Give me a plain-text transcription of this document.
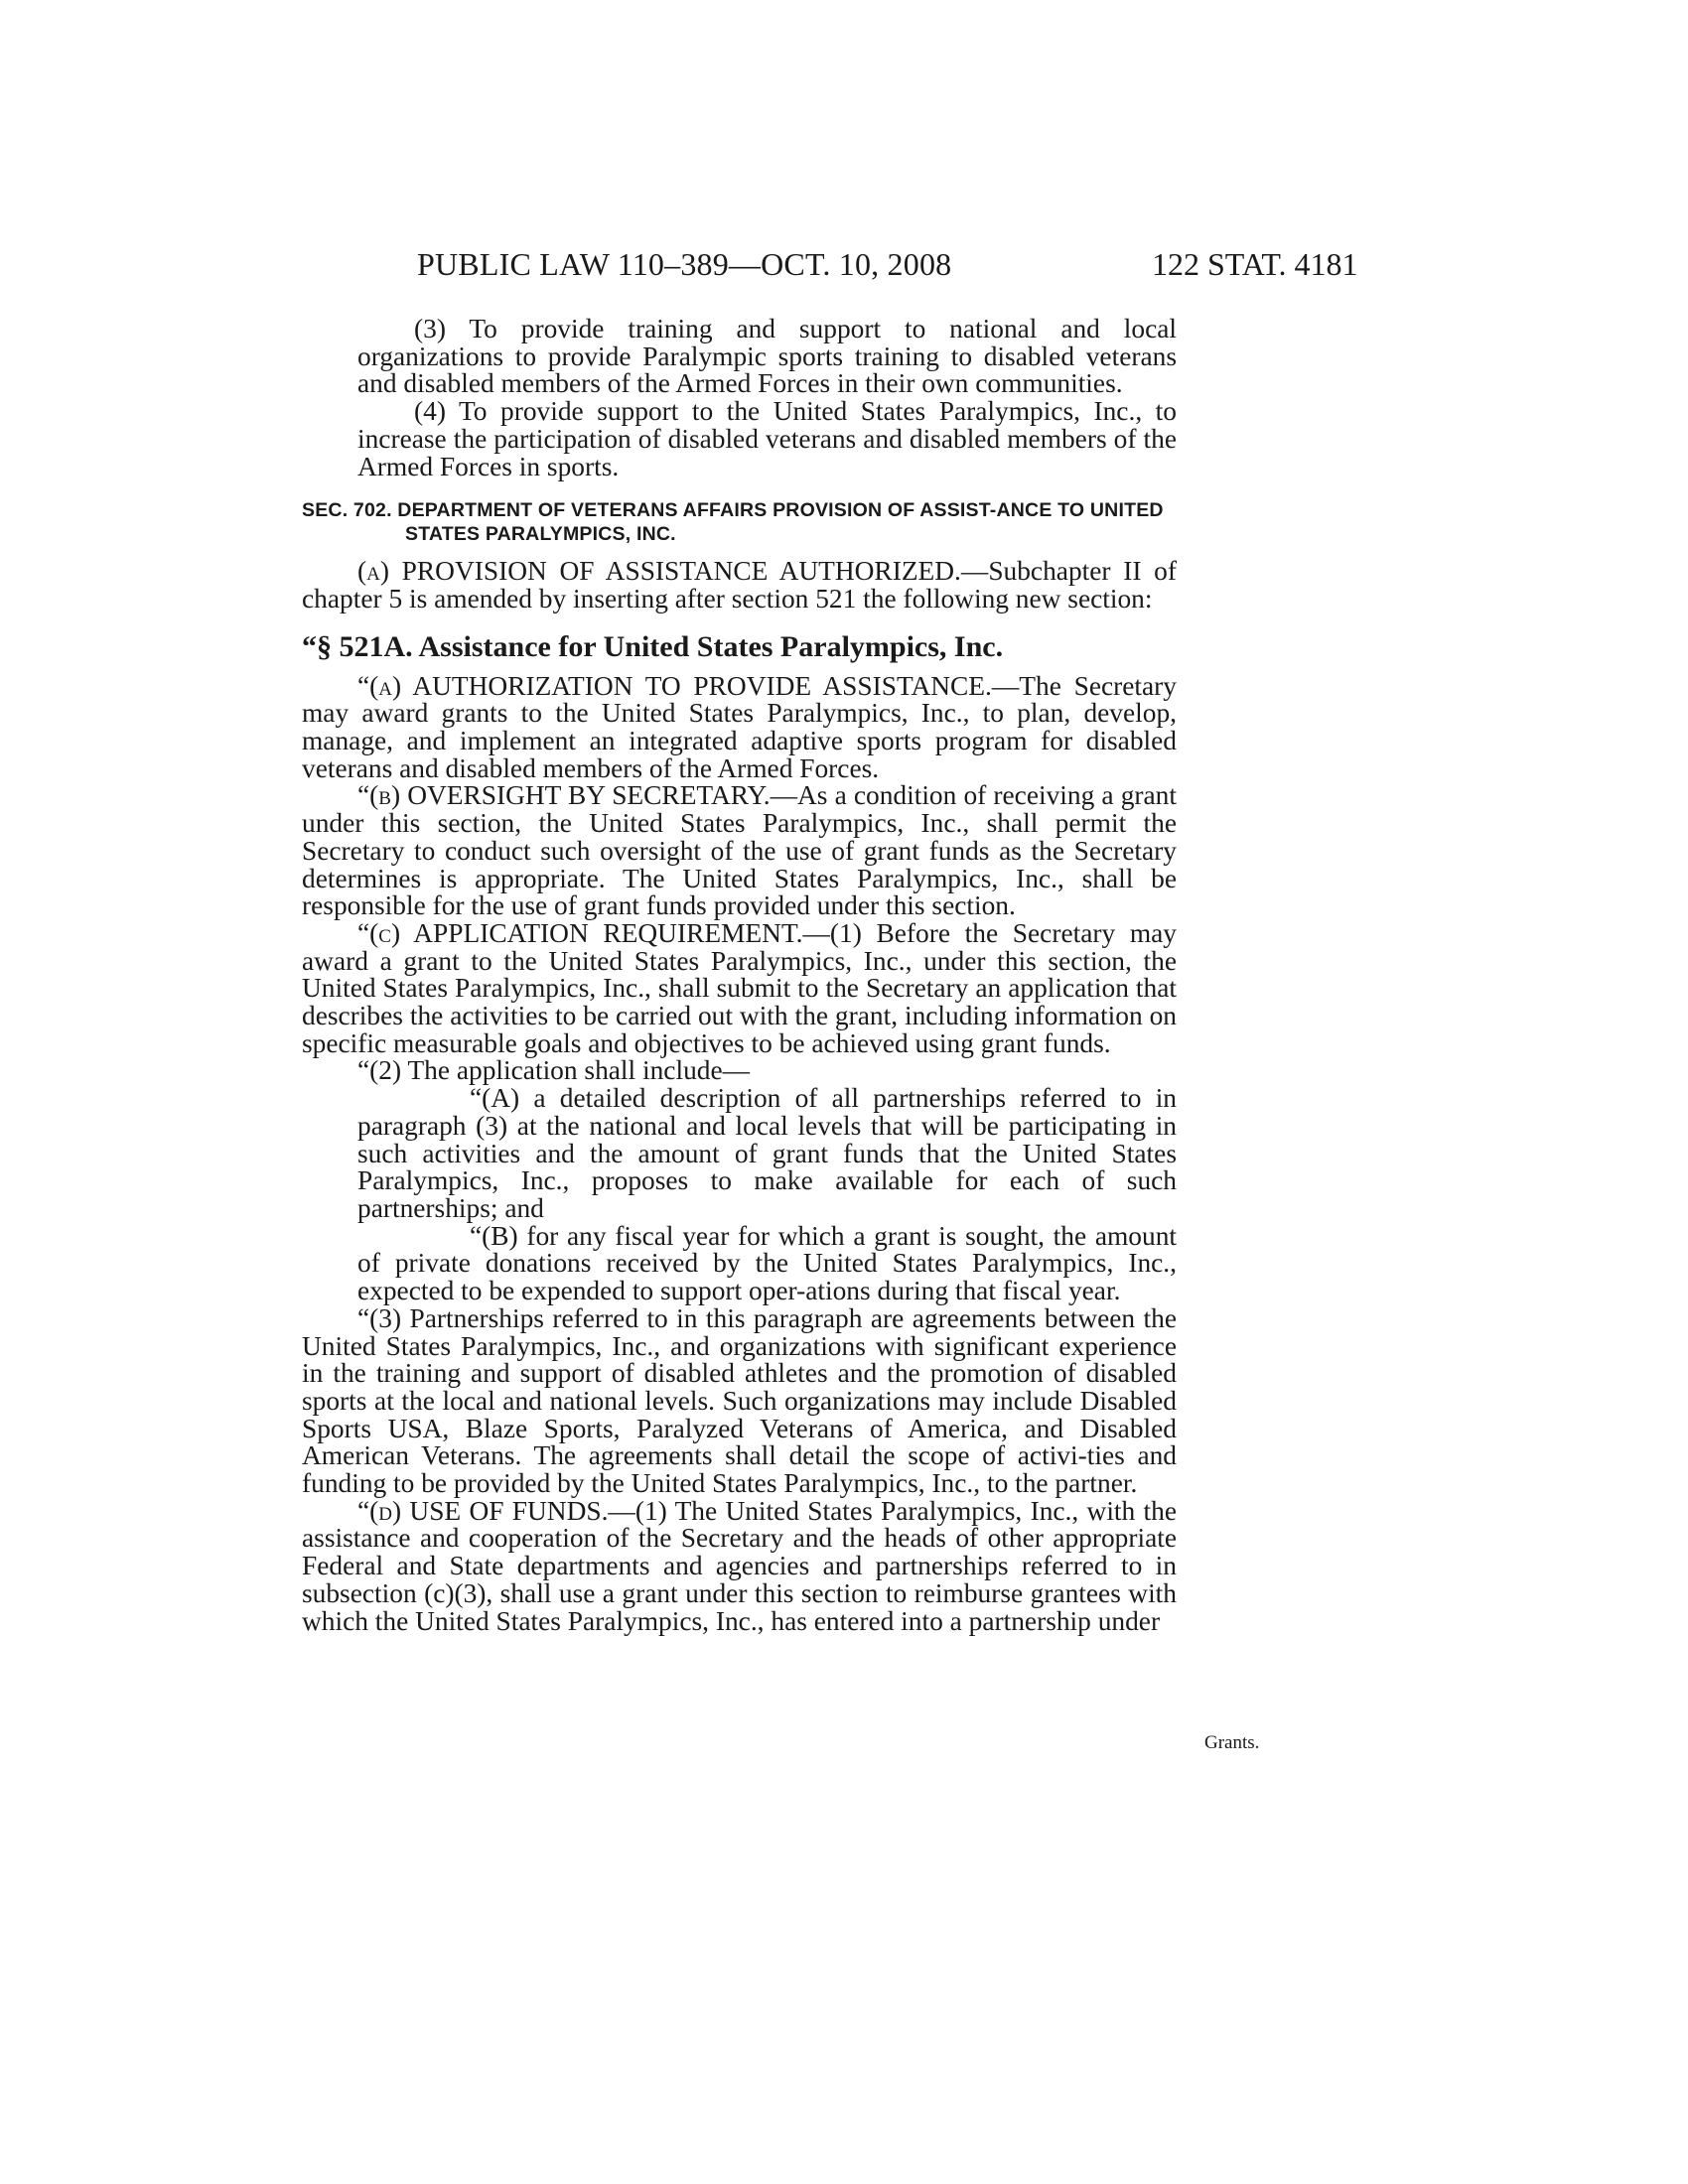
PUBLIC LAW 110–389—OCT. 10, 2008	122 STAT. 4181

(3) To provide training and support to national and local organizations to provide Paralympic sports training to disabled veterans and disabled members of the Armed Forces in their own communities.

(4) To provide support to the United States Paralympics, Inc., to increase the participation of disabled veterans and disabled members of the Armed Forces in sports.

SEC. 702. DEPARTMENT OF VETERANS AFFAIRS PROVISION OF ASSIST-ANCE TO UNITED STATES PARALYMPICS, INC.

(a) PROVISION OF ASSISTANCE AUTHORIZED.—Subchapter II of chapter 5 is amended by inserting after section 521 the following new section:

“§ 521A. Assistance for United States Paralympics, Inc.

“(a) AUTHORIZATION TO PROVIDE ASSISTANCE.—The Secretary may award grants to the United States Paralympics, Inc., to plan, develop, manage, and implement an integrated adaptive sports program for disabled veterans and disabled members of the Armed Forces.

“(b) OVERSIGHT BY SECRETARY.—As a condition of receiving a grant under this section, the United States Paralympics, Inc., shall permit the Secretary to conduct such oversight of the use of grant funds as the Secretary determines is appropriate. The United States Paralympics, Inc., shall be responsible for the use of grant funds provided under this section.

“(c) APPLICATION REQUIREMENT.—(1) Before the Secretary may award a grant to the United States Paralympics, Inc., under this section, the United States Paralympics, Inc., shall submit to the Secretary an application that describes the activities to be carried out with the grant, including information on specific measurable goals and objectives to be achieved using grant funds.

“(2) The application shall include—

“(A) a detailed description of all partnerships referred to in paragraph (3) at the national and local levels that will be participating in such activities and the amount of grant funds that the United States Paralympics, Inc., proposes to make available for each of such partnerships; and

“(B) for any fiscal year for which a grant is sought, the amount of private donations received by the United States Paralympics, Inc., expected to be expended to support oper-ations during that fiscal year.

“(3) Partnerships referred to in this paragraph are agreements between the United States Paralympics, Inc., and organizations with significant experience in the training and support of disabled athletes and the promotion of disabled sports at the local and national levels. Such organizations may include Disabled Sports USA, Blaze Sports, Paralyzed Veterans of America, and Disabled American Veterans. The agreements shall detail the scope of activi-ties and funding to be provided by the United States Paralympics, Inc., to the partner.

“(d) USE OF FUNDS.—(1) The United States Paralympics, Inc., with the assistance and cooperation of the Secretary and the heads of other appropriate Federal and State departments and agencies and partnerships referred to in subsection (c)(3), shall use a grant under this section to reimburse grantees with which the United States Paralympics, Inc., has entered into a partnership under

Grants.
